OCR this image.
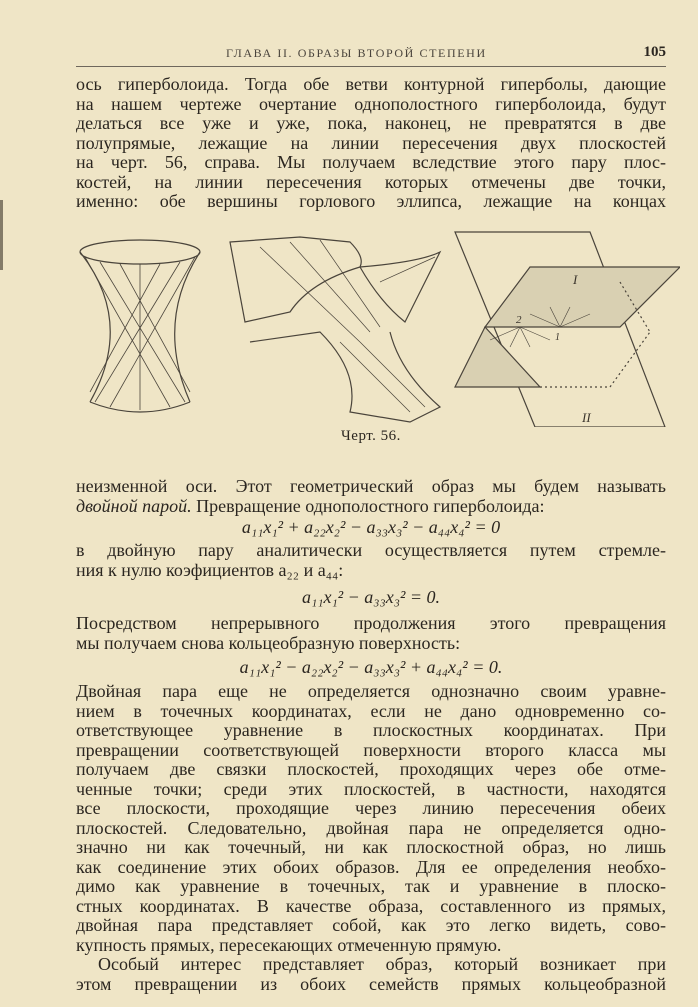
ГЛАВА II. ОБРАЗЫ ВТОРОЙ СТЕПЕНИ	105
ось гиперболоида. Тогда обе ветви контурной гиперболы, дающие
на нашем чертеже очертание однополостного гиперболоида, будут
делаться все уже и уже, пока, наконец, не превратятся в две
полупрямые, лежащие на линии пересечения двух плоскостей
на черт. 56, справа. Мы получаем вследствие этого пару плос-
костей, на линии пересечения которых отмечены две точки,
именно: обе вершины горлового эллипса, лежащие на концах
I
II
1
2
Черт. 56.
неизменной оси. Этот геометрический образ мы будем называть
двойной парой. Превращение однополостного гиперболоида:
a₁₁x₁² + a₂₂x₂² − a₃₃x₃² − a₄₄x₄² = 0
в двойную пару аналитически осуществляется путем стремле-
ния к нулю коэфициентов a₂₂ и a₄₄:
a₁₁x₁² − a₃₃x₃² = 0.
Посредством непрерывного продолжения этого превращения
мы получаем снова кольцеобразную поверхность:
a₁₁x₁² − a₂₂x₂² − a₃₃x₃² + a₄₄x₄² = 0.
Двойная пара еще не определяется однозначно своим уравне-
нием в точечных координатах, если не дано одновременно со-
ответствующее уравнение в плоскостных координатах. При
превращении соответствующей поверхности второго класса мы
получаем две связки плоскостей, проходящих через обе отме-
ченные точки; среди этих плоскостей, в частности, находятся
все плоскости, проходящие через линию пересечения обеих
плоскостей. Следовательно, двойная пара не определяется одно-
значно ни как точечный, ни как плоскостной образ, но лишь
как соединение этих обоих образов. Для ее определения необхо-
димо как уравнение в точечных, так и уравнение в плоско-
стных координатах. В качестве образа, составленного из прямых,
двойная пара представляет собой, как это легко видеть, сово-
купность прямых, пересекающих отмеченную прямую.
Особый интерес представляет образ, который возникает при
этом превращении из обоих семейств прямых кольцеобразной
